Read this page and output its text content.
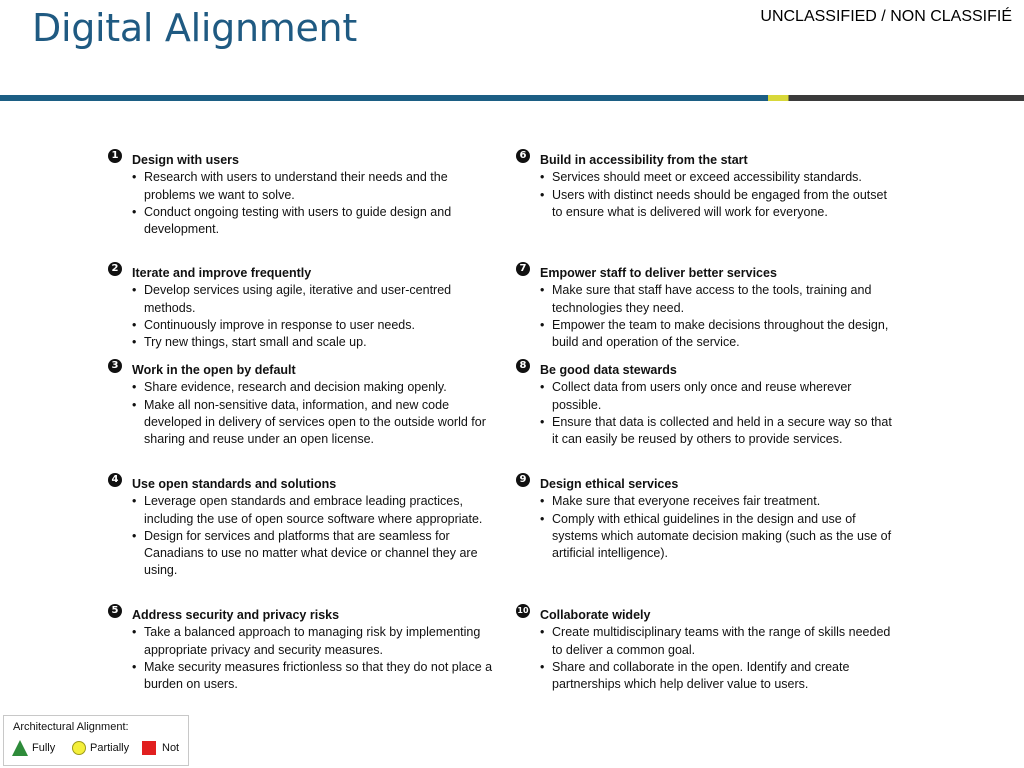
Digital Alignment	UNCLASSIFIED / NON CLASSIFIÉ
1 Design with users
• Research with users to understand their needs and the problems we want to solve.
• Conduct ongoing testing with users to guide design and development.
2 Iterate and improve frequently
• Develop services using agile, iterative and user-centred methods.
• Continuously improve in response to user needs.
• Try new things, start small and scale up.
3 Work in the open by default
• Share evidence, research and decision making openly.
• Make all non-sensitive data, information, and new code developed in delivery of services open to the outside world for sharing and reuse under an open license.
4 Use open standards and solutions
• Leverage open standards and embrace leading practices, including the use of open source software where appropriate.
• Design for services and platforms that are seamless for Canadians to use no matter what device or channel they are using.
5 Address security and privacy risks
• Take a balanced approach to managing risk by implementing appropriate privacy and security measures.
• Make security measures frictionless so that they do not place a burden on users.
6 Build in accessibility from the start
• Services should meet or exceed accessibility standards.
• Users with distinct needs should be engaged from the outset to ensure what is delivered will work for everyone.
7 Empower staff to deliver better services
• Make sure that staff have access to the tools, training and technologies they need.
• Empower the team to make decisions throughout the design, build and operation of the service.
8 Be good data stewards
• Collect data from users only once and reuse wherever possible.
• Ensure that data is collected and held in a secure way so that it can easily be reused by others to provide services.
9 Design ethical services
• Make sure that everyone receives fair treatment.
• Comply with ethical guidelines in the design and use of systems which automate decision making (such as the use of artificial intelligence).
10 Collaborate widely
• Create multidisciplinary teams with the range of skills needed to deliver a common goal.
• Share and collaborate in the open. Identify and create partnerships which help deliver value to users.
Architectural Alignment:
Fully	Partially	Not
